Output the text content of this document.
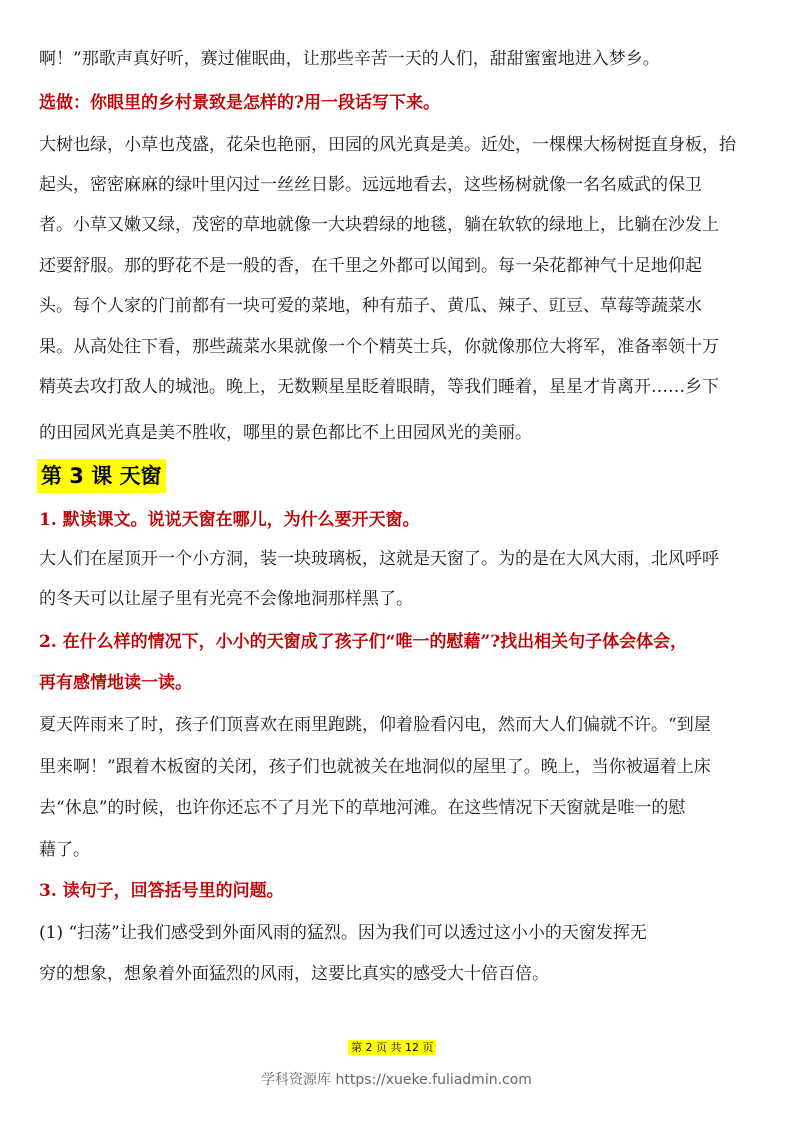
啊！”那歌声真好听，赛过催眠曲，让那些辛苦一天的人们，甜甜蜜蜜地进入梦乡。
选做：你眼里的乡村景致是怎样的?用一段话写下来。
大树也绿，小草也茂盛，花朵也艳丽，田园的风光真是美。近处，一棵棵大杨树挺直身板，抬
起头，密密麻麻的绿叶里闪过一丝丝日影。远远地看去，这些杨树就像一名名威武的保卫
者。小草又嫩又绿，茂密的草地就像一大块碧绿的地毯，躺在软软的绿地上，比躺在沙发上
还要舒服。那的野花不是一般的香，在千里之外都可以闻到。每一朵花都神气十足地仰起
头。每个人家的门前都有一块可爱的菜地，种有茄子、黄瓜、辣子、豇豆、草莓等蔬菜水
果。从高处往下看，那些蔬菜水果就像一个个精英士兵，你就像那位大将军，准备率领十万
精英去攻打敌人的城池。晚上，无数颗星星眨着眼睛，等我们睡着，星星才肯离开……乡下
的田园风光真是美不胜收，哪里的景色都比不上田园风光的美丽。
第 3 课 天窗
1. 默读课文。说说天窗在哪儿，为什么要开天窗。
大人们在屋顶开一个小方洞，装一块玻璃板，这就是天窗了。为的是在大风大雨，北风呼呼
的冬天可以让屋子里有光亮不会像地洞那样黑了。
2. 在什么样的情况下，小小的天窗成了孩子们“唯一的慰藉”?找出相关句子体会体会，
再有感情地读一读。
夏天阵雨来了时，孩子们顶喜欢在雨里跑跳，仰着脸看闪电，然而大人们偏就不许。“到屋
里来啊！”跟着木板窗的关闭，孩子们也就被关在地洞似的屋里了。晚上，当你被逼着上床
去“休息”的时候，也许你还忘不了月光下的草地河滩。在这些情况下天窗就是唯一的慰
藉了。
3. 读句子，回答括号里的问题。
(1) “扫荡”让我们感受到外面风雨的猛烈。因为我们可以透过这小小的天窗发挥无
穷的想象，想象着外面猛烈的风雨，这要比真实的感受大十倍百倍。
第 2 页 共 12 页
学科资源库 https://xueke.fuliadmin.com
